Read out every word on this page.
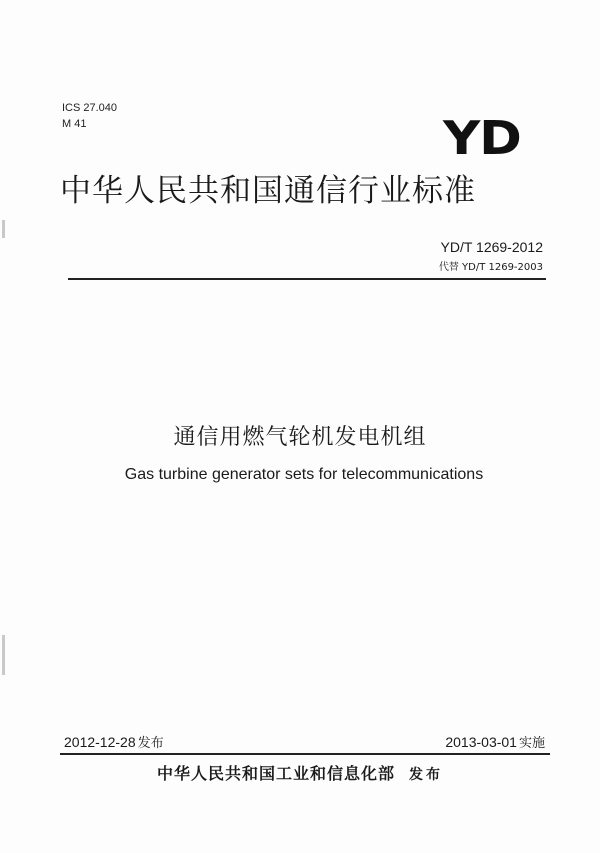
ICS 27.040
M 41	YD
中华人民共和国通信行业标准
YD/T 1269-2012
代替 YD/T 1269-2003
通信用燃气轮机发电机组
Gas turbine generator sets for telecommunications
2012-12-28 发布	2013-03-01 实施
中华人民共和国工业和信息化部 发布
